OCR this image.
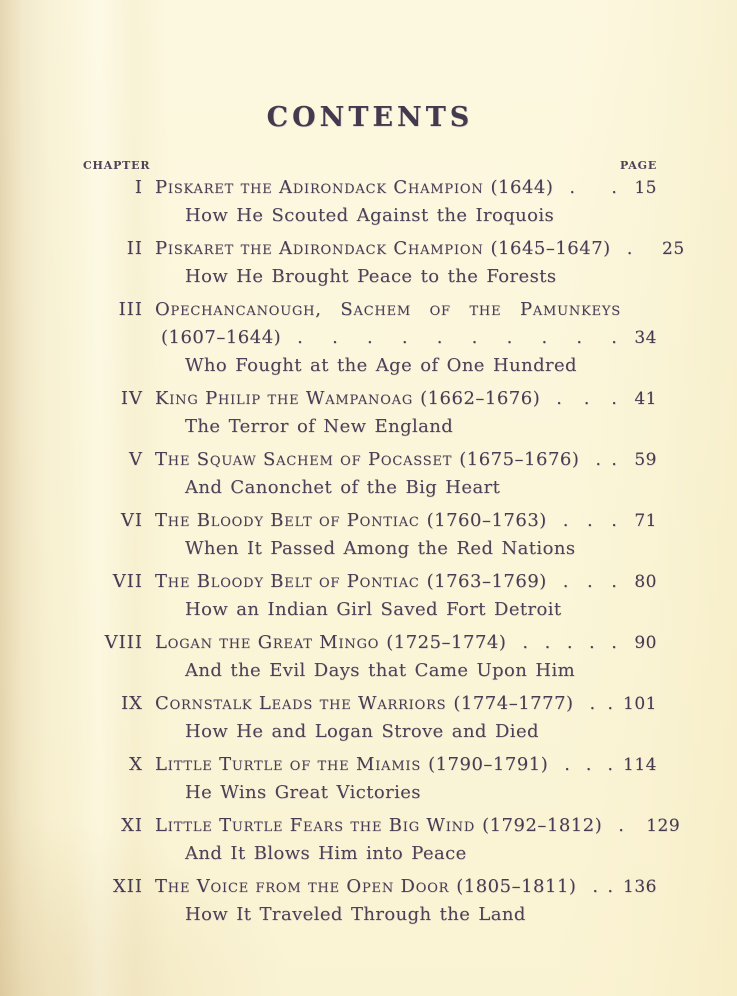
CONTENTS
CHAPTER	PAGE
I Piskaret the Adirondack Champion (1644) . .	15
How He Scouted Against the Iroquois
II Piskaret the Adirondack Champion (1645–1647) .	25
How He Brought Peace to the Forests
III Opechancanough, Sachem of the Pamunkeys
(1607–1644) . . . . . . . . . .	34
Who Fought at the Age of One Hundred
IV King Philip the Wampanoag (1662–1676) . . .	41
The Terror of New England
V The Squaw Sachem of Pocasset (1675–1676) . .	59
And Canonchet of the Big Heart
VI The Bloody Belt of Pontiac (1760–1763) . . .	71
When It Passed Among the Red Nations
VII The Bloody Belt of Pontiac (1763–1769) . . .	80
How an Indian Girl Saved Fort Detroit
VIII Logan the Great Mingo (1725–1774) . . . . .	90
And the Evil Days that Came Upon Him
IX Cornstalk Leads the Warriors (1774–1777) . . 101
How He and Logan Strove and Died
X Little Turtle of the Miamis (1790–1791) . . . 114
He Wins Great Victories
XI Little Turtle Fears the Big Wind (1792–1812) .	129
And It Blows Him into Peace
XII The Voice from the Open Door (1805–1811) . . 136
How It Traveled Through the Land
